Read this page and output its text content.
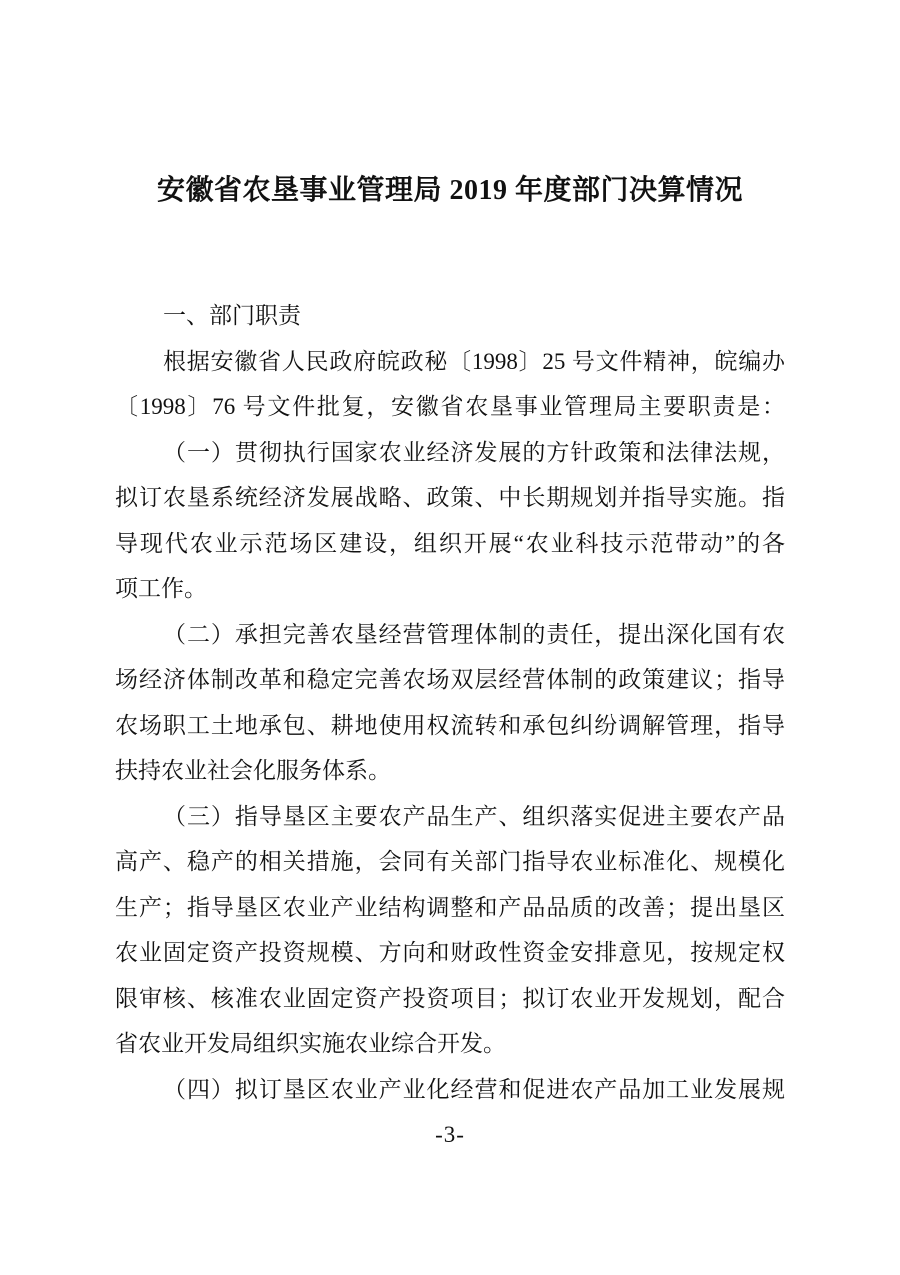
安徽省农垦事业管理局 2019 年度部门决算情况
一、部门职责
根据安徽省人民政府皖政秘〔1998〕25 号文件精神，皖编办
〔1998〕76 号文件批复，安徽省农垦事业管理局主要职责是：
（一）贯彻执行国家农业经济发展的方针政策和法律法规，
拟订农垦系统经济发展战略、政策、中长期规划并指导实施。指
导现代农业示范场区建设，组织开展“农业科技示范带动”的各
项工作。
（二）承担完善农垦经营管理体制的责任，提出深化国有农
场经济体制改革和稳定完善农场双层经营体制的政策建议；指导
农场职工土地承包、耕地使用权流转和承包纠纷调解管理，指导
扶持农业社会化服务体系。
（三）指导垦区主要农产品生产、组织落实促进主要农产品
高产、稳产的相关措施，会同有关部门指导农业标准化、规模化
生产；指导垦区农业产业结构调整和产品品质的改善；提出垦区
农业固定资产投资规模、方向和财政性资金安排意见，按规定权
限审核、核准农业固定资产投资项目；拟订农业开发规划，配合
省农业开发局组织实施农业综合开发。
（四）拟订垦区农业产业化经营和促进农产品加工业发展规
-3-
